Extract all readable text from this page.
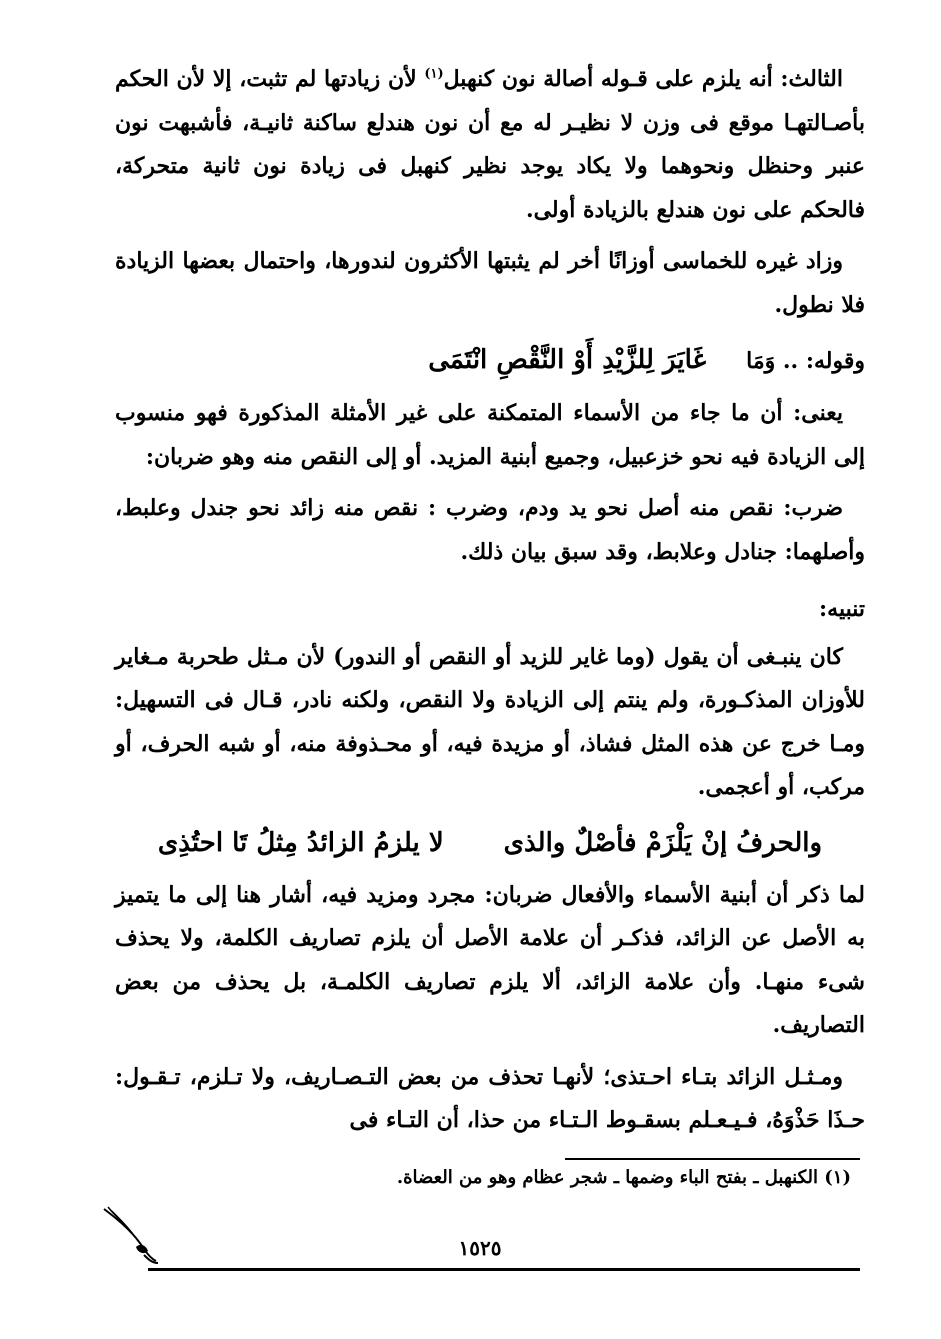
الثالث: أنه يلزم على قـوله أصالة نون كنهبل$^{(١)}$ لأن زيادتها لم تثبت، إلا لأن الحكم بأصـالتهـا موقع فى وزن لا نظيـر له مع أن نون هندلع ساكنة ثانيـة، فأشبهت نون عنبر وحنظل ونحوهما ولا يكاد يوجد نظير كنهبل فى زيادة نون ثانية متحركة، فالحكم على نون هندلع بالزيادة أولى.

وزاد غيره للخماسى أوزانًا أخر لم يثبتها الأكثرون لندورها، واحتمال بعضها الزيادة فلا نطول.

وقوله: .. وَمَا
غَايَرَ لِلزَّيْدِ أَوْ النَّقْصِ انْتَمَى

يعنى: أن ما جاء من الأسماء المتمكنة على غير الأمثلة المذكورة فهو منسوب إلى الزيادة فيه نحو خزعبيل، وجميع أبنية المزيد. أو إلى النقص منه وهو ضربان:

ضرب: نقص منه أصل نحو يد ودم، وضرب : نقص منه زائد نحو جندل وعلبط، وأصلهما: جنادل وعلابط، وقد سبق بيان ذلك.

تنبيه:

كان ينبـغى أن يقول (وما غاير للزيد أو النقص أو الندور) لأن مـثل طحربة مـغاير للأوزان المذكـورة، ولم ينتم إلى الزيادة ولا النقص، ولكنه نادر، قـال فى التسهيل: ومـا خرج عن هذه المثل فشاذ، أو مزيدة فيه، أو محـذوفة منه، أو شبه الحرف، أو مركب، أو أعجمى.

والحرفُ إنْ يَلْزَمْ فأصْلٌ والذى
لا يلزمُ الزائدُ مِثلُ تَا احتُذِى

لما ذكر أن أبنية الأسماء والأفعال ضربان: مجرد ومزيد فيه، أشار هنا إلى ما يتميز به الأصل عن الزائد، فذكـر أن علامة الأصل أن يلزم تصاريف الكلمة، ولا يحذف شىء منهـا. وأن علامة الزائد، ألا يلزم تصاريف الكلمـة، بل يحذف من بعض التصاريف.

ومـثـل الزائد بتـاء احـتذى؛ لأنهـا تحذف من بعض التـصـاريف، ولا تـلزم، تـقـول: حـذَا حَذْوَهُ، فـيـعـلم بسقـوط الـتـاء من حذا، أن التـاء فى

(١) الكنهبل ـ بفتح الباء وضمها ـ شجر عظام وهو من العضاة.
١٥٢٥
